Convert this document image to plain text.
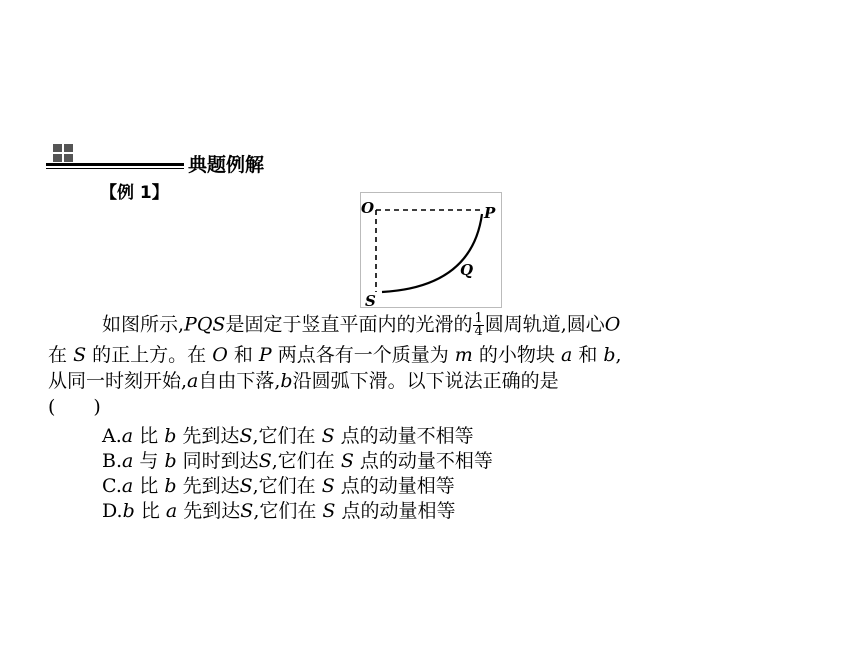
典题例解
【例 1】
O	P
Q
S
如图所示,PQS是固定于竖直平面内的光滑的 $\frac{1}{4}$ 圆周轨道,圆心O
在 S 的正上方。在 O 和 P 两点各有一个质量为 m 的小物块 a 和 b,
从同一时刻开始,a自由下落,b沿圆弧下滑。以下说法正确的是
(　　)
A.a 比 b 先到达S,它们在 S 点的动量不相等
B.a 与 b 同时到达S,它们在 S 点的动量不相等
C.a 比 b 先到达S,它们在 S 点的动量相等
D.b 比 a 先到达S,它们在 S 点的动量相等
